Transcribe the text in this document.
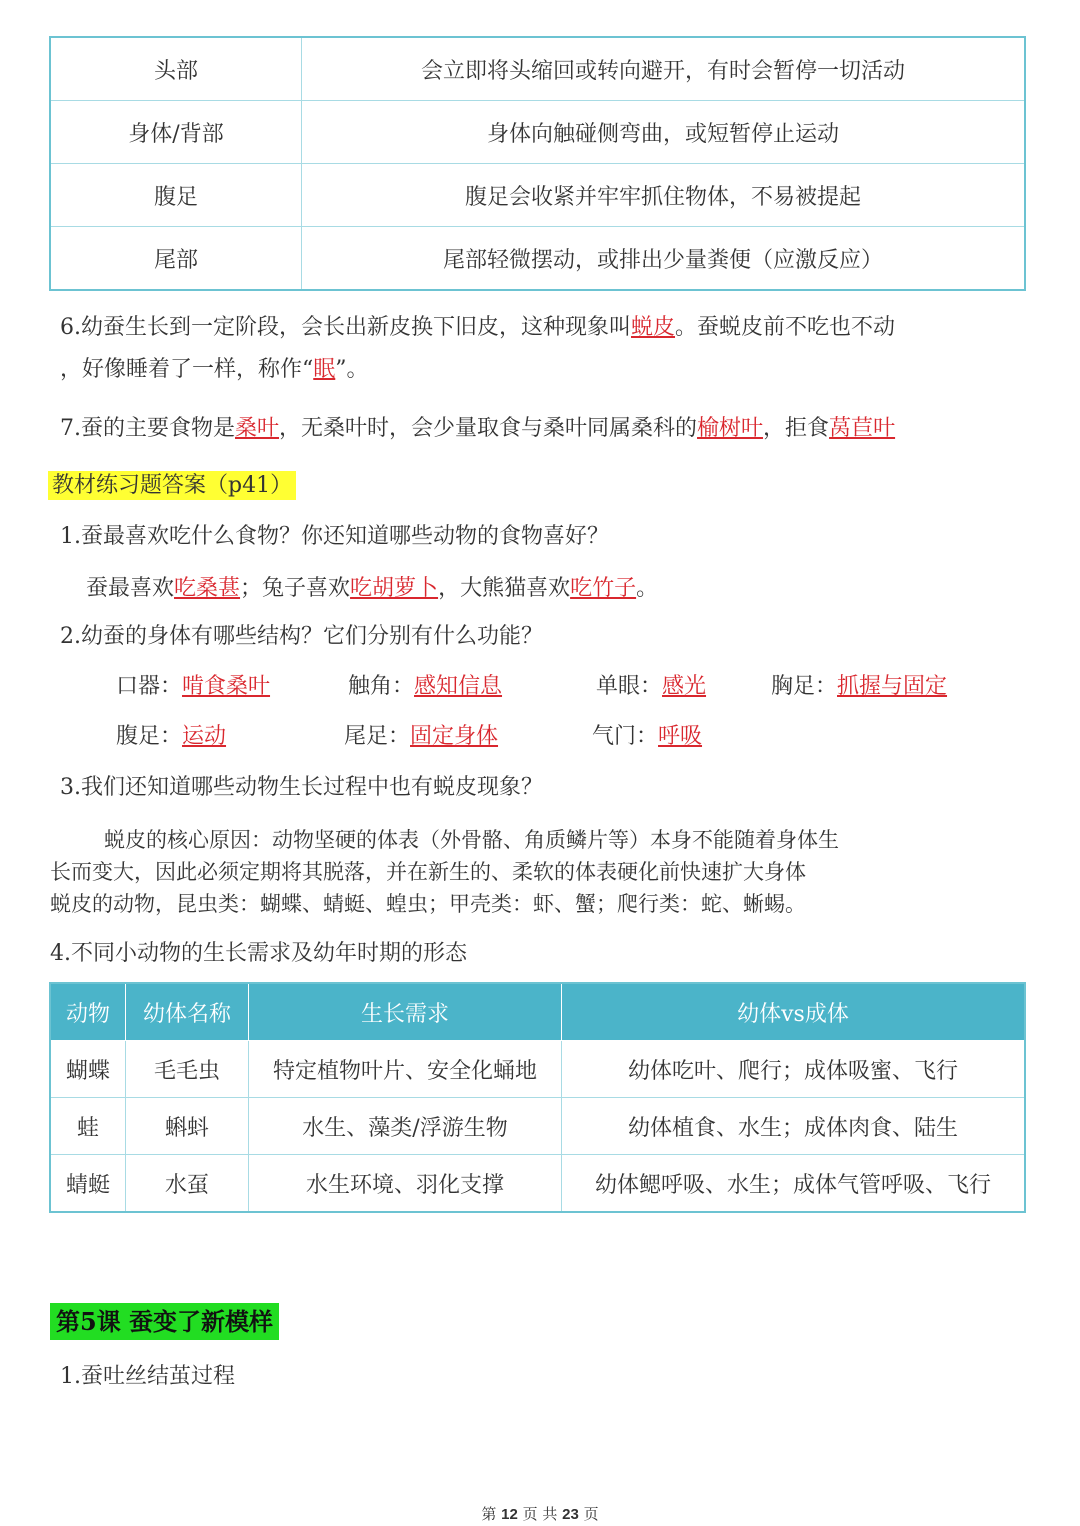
头部	会立即将头缩回或转向避开，有时会暂停一切活动
身体/背部	身体向触碰侧弯曲，或短暂停止运动
腹足	腹足会收紧并牢牢抓住物体，不易被提起
尾部	尾部轻微摆动，或排出少量粪便（应激反应）
6.幼蚕生长到一定阶段，会长出新皮换下旧皮，这种现象叫蜕皮。蚕蜕皮前不吃也不动
，好像睡着了一样，称作“眠”。
7.蚕的主要食物是桑叶，无桑叶时，会少量取食与桑叶同属桑科的榆树叶，拒食莴苣叶
教材练习题答案（p41）
1.蚕最喜欢吃什么食物？你还知道哪些动物的食物喜好？
蚕最喜欢吃桑葚；兔子喜欢吃胡萝卜，大熊猫喜欢吃竹子。
2.幼蚕的身体有哪些结构？它们分别有什么功能？
口器：啃食桑叶	触角：感知信息	单眼：感光	胸足：抓握与固定
腹足：运动	尾足：固定身体	气门：呼吸
3.我们还知道哪些动物生长过程中也有蜕皮现象？
蜕皮的核心原因：动物坚硬的体表（外骨骼、角质鳞片等）本身不能随着身体生
长而变大，因此必须定期将其脱落，并在新生的、柔软的体表硬化前快速扩大身体
蜕皮的动物，昆虫类：蝴蝶、蜻蜓、蝗虫；甲壳类：虾、蟹；爬行类：蛇、蜥蜴。
4.不同小动物的生长需求及幼年时期的形态
动物	幼体名称	生长需求	幼体vs成体
蝴蝶	毛毛虫	特定植物叶片、安全化蛹地	幼体吃叶、爬行；成体吸蜜、飞行
蛙	蝌蚪	水生、藻类/浮游生物	幼体植食、水生；成体肉食、陆生
蜻蜓	水虿	水生环境、羽化支撑	幼体鳃呼吸、水生；成体气管呼吸、飞行
第5课 蚕变了新模样
1.蚕吐丝结茧过程
第 12 页 共 23 页
